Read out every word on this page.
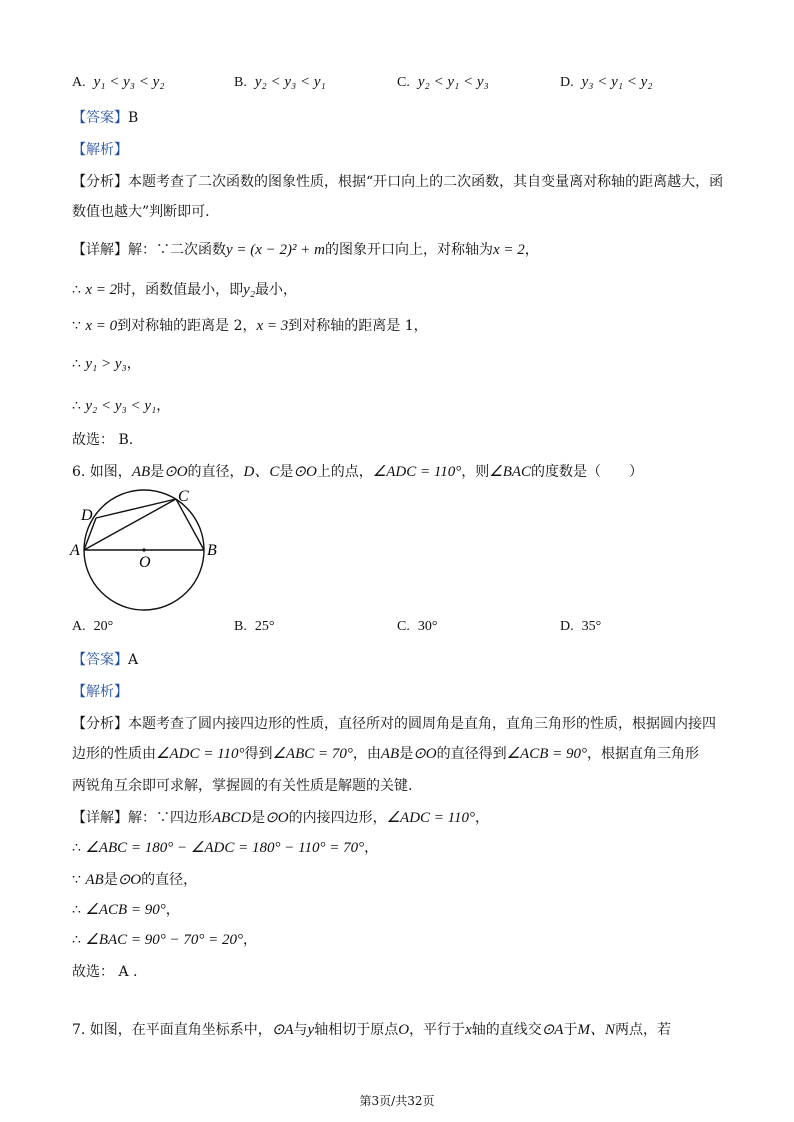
A. y₁ < y₃ < y₂	B. y₂ < y₃ < y₁	C. y₂ < y₁ < y₃	D. y₃ < y₁ < y₂
【答案】B
【解析】
【分析】本题考查了二次函数的图象性质，根据“开口向上的二次函数，其自变量离对称轴的距离越大，函
数值也越大”判断即可.
【详解】解：∵二次函数y = (x − 2)² + m的图象开口向上，对称轴为x = 2，
∴ x = 2时，函数值最小，即y₂最小，
∵ x = 0到对称轴的距离是 2，x = 3到对称轴的距离是 1，
∴ y₁ > y₃，
∴ y₂ < y₃ < y₁，
故选： B.
6. 如图，AB是⊙O的直径，D、C是⊙O上的点，∠ADC = 110°，则∠BAC的度数是（　　）
A	B
C
D
O
A. 20°	B. 25°	C. 30°	D. 35°
【答案】A
【解析】
【分析】本题考查了圆内接四边形的性质，直径所对的圆周角是直角，直角三角形的性质，根据圆内接四
边形的性质由∠ADC = 110°得到∠ABC = 70°，由AB是⊙O的直径得到∠ACB = 90°，根据直角三角形
两锐角互余即可求解，掌握圆的有关性质是解题的关键.
【详解】解：∵四边形ABCD是⊙O的内接四边形，∠ADC = 110°，
∴ ∠ABC = 180° − ∠ADC = 180° − 110° = 70°，
∵ AB是⊙O的直径，
∴ ∠ACB = 90°，
∴ ∠BAC = 90° − 70° = 20°，
故选： A .
7. 如图，在平面直角坐标系中，⊙A与y轴相切于原点O，平行于x轴的直线交⊙A于M、N两点，若
第3页/共32页
